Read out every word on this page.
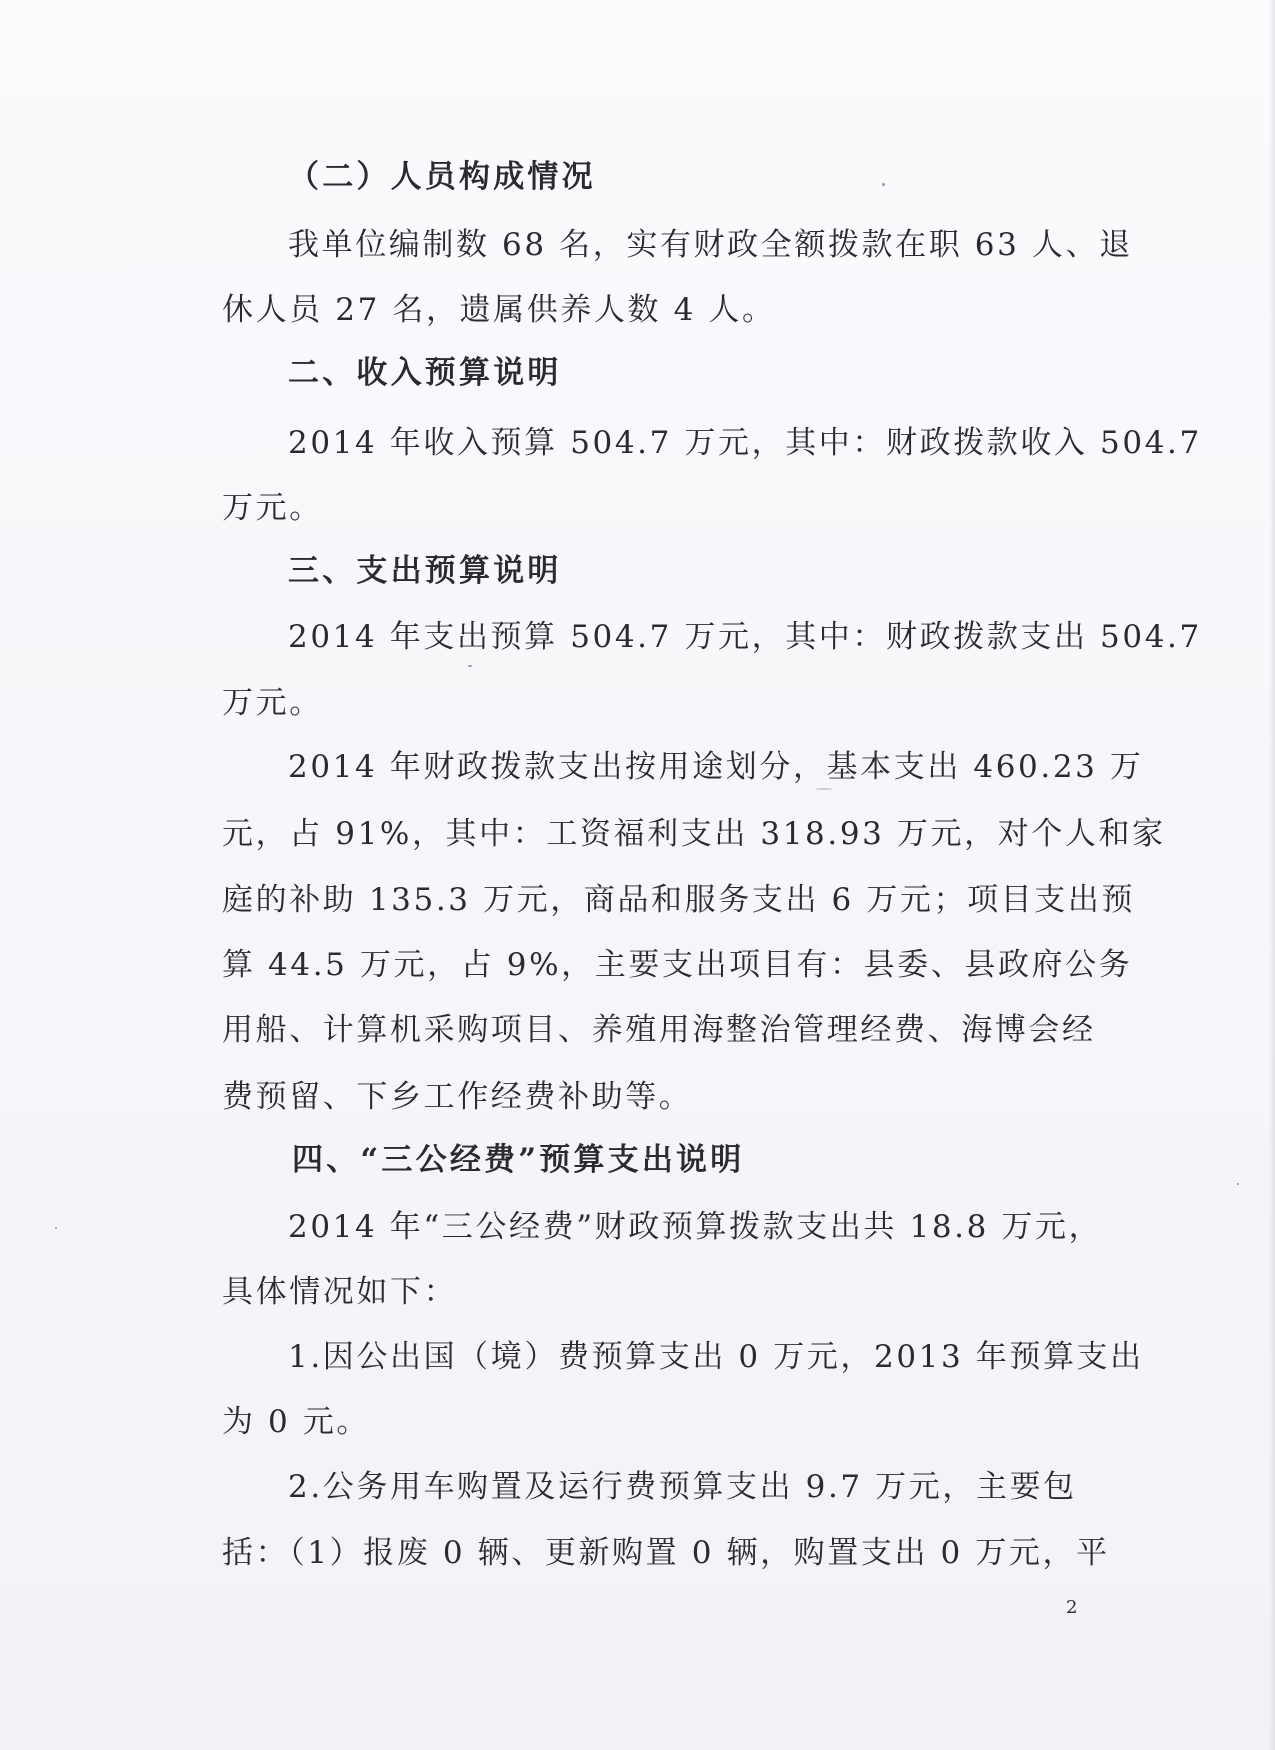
（二）人员构成情况
我单位编制数 68 名，实有财政全额拨款在职 63 人、退
休人员 27 名，遗属供养人数 4 人。
二、收入预算说明
2014 年收入预算 504.7 万元，其中：财政拨款收入 504.7
万元。
三、支出预算说明
2014 年支出预算 504.7 万元，其中：财政拨款支出 504.7
万元。
2014 年财政拨款支出按用途划分，基本支出 460.23 万
元，占 91%，其中：工资福利支出 318.93 万元，对个人和家
庭的补助 135.3 万元，商品和服务支出 6 万元；项目支出预
算 44.5 万元，占 9%，主要支出项目有：县委、县政府公务
用船、计算机采购项目、养殖用海整治管理经费、海博会经
费预留、下乡工作经费补助等。
四、“三公经费”预算支出说明
2014 年“三公经费”财政预算拨款支出共 18.8 万元，
具体情况如下：
1.因公出国（境）费预算支出 0 万元，2013 年预算支出
为 0 元。
2.公务用车购置及运行费预算支出 9.7 万元，主要包
括：（1）报废 0 辆、更新购置 0 辆，购置支出 0 万元，平
2
